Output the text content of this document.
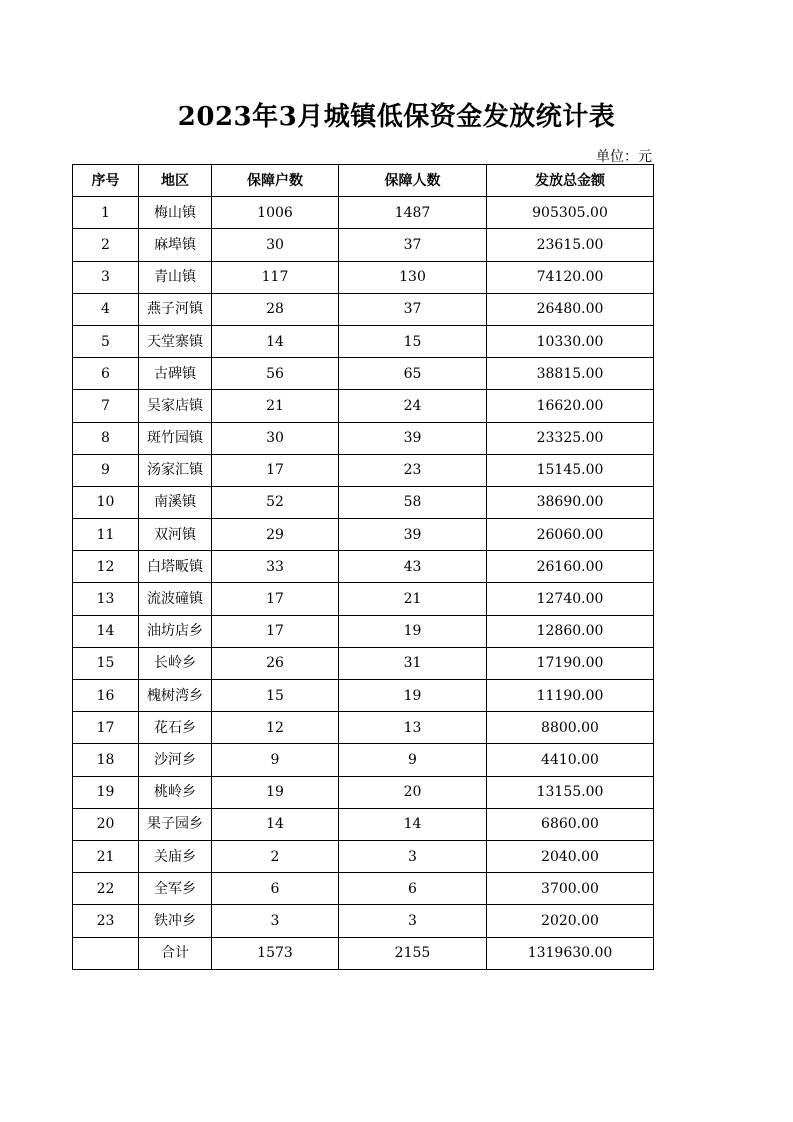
2023年3月城镇低保资金发放统计表
单位：元
序号	地区	保障户数	保障人数	发放总金额
1	梅山镇	1006	1487	905305.00
2	麻埠镇	30	37	23615.00
3	青山镇	117	130	74120.00
4	燕子河镇	28	37	26480.00
5	天堂寨镇	14	15	10330.00
6	古碑镇	56	65	38815.00
7	吴家店镇	21	24	16620.00
8	斑竹园镇	30	39	23325.00
9	汤家汇镇	17	23	15145.00
10	南溪镇	52	58	38690.00
11	双河镇	29	39	26060.00
12	白塔畈镇	33	43	26160.00
13	流波䃥镇	17	21	12740.00
14	油坊店乡	17	19	12860.00
15	长岭乡	26	31	17190.00
16	槐树湾乡	15	19	11190.00
17	花石乡	12	13	8800.00
18	沙河乡	9	9	4410.00
19	桃岭乡	19	20	13155.00
20	果子园乡	14	14	6860.00
21	关庙乡	2	3	2040.00
22	全军乡	6	6	3700.00
23	铁冲乡	3	3	2020.00
	合计	1573	2155	1319630.00
